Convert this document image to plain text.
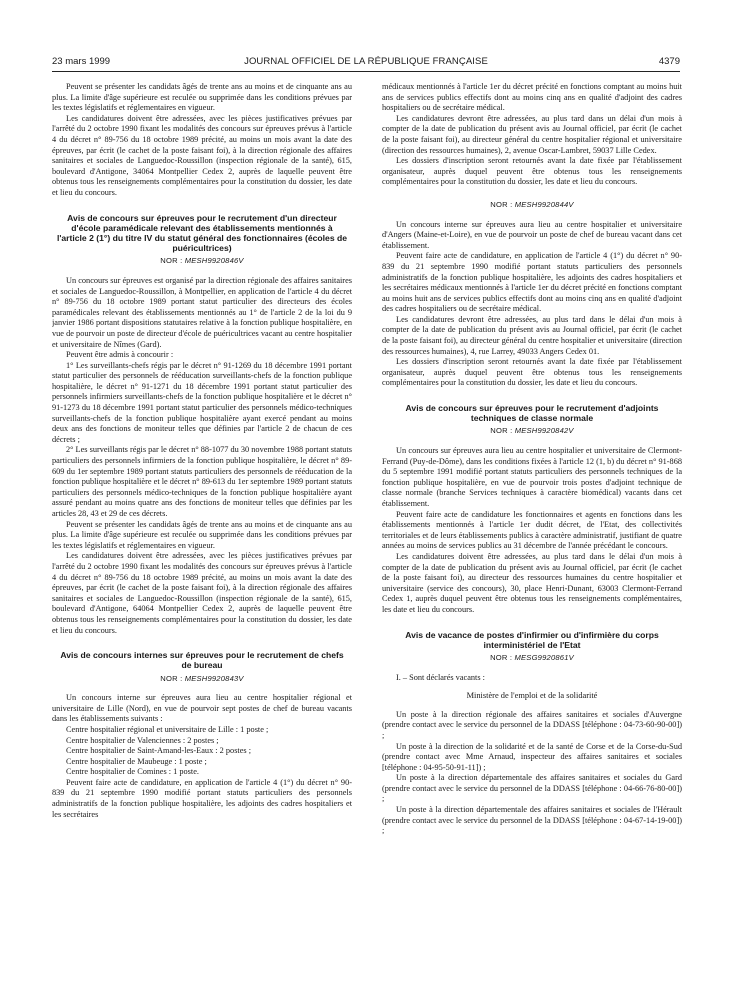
23 mars 1999	JOURNAL OFFICIEL DE LA RÉPUBLIQUE FRANÇAISE	4379

Peuvent se présenter les candidats âgés de trente ans au moins et de cinquante ans au plus. La limite d'âge supérieure est reculée ou supprimée dans les conditions prévues par les textes législatifs et réglementaires en vigueur.

Les candidatures doivent être adressées, avec les pièces justificatives prévues par l'arrêté du 2 octobre 1990 fixant les modalités des concours sur épreuves prévus à l'article 4 du décret n° 89-756 du 18 octobre 1989 précité, au moins un mois avant la date des épreuves, par écrit (le cachet de la poste faisant foi), à la direction régionale des affaires sanitaires et sociales de Languedoc-Roussillon (inspection régionale de la santé), 615, boulevard d'Antigone, 34064 Montpellier Cedex 2, auprès de laquelle peuvent être obtenus tous les renseignements complémentaires pour la constitution du dossier, les date et lieu du concours.

Avis de concours sur épreuves pour le recrutement d'un directeur d'école paramédicale relevant des établissements mentionnés à l'article 2 (1°) du titre IV du statut général des fonctionnaires (écoles de puéricultrices)
NOR : MESH9920846V

Un concours sur épreuves est organisé par la direction régionale des affaires sanitaires et sociales de Languedoc-Roussillon, à Montpellier, en application de l'article 4 du décret n° 89-756 du 18 octobre 1989 portant statut particulier des directeurs des écoles paramédicales relevant des établissements mentionnés au 1° de l'article 2 de la loi du 9 janvier 1986 portant dispositions statutaires relative à la fonction publique hospitalière, en vue de pourvoir un poste de directeur d'école de puéricultrices vacant au centre hospitalier et universitaire de Nîmes (Gard).

Peuvent être admis à concourir :

1° Les surveillants-chefs régis par le décret n° 91-1269 du 18 décembre 1991 portant statut particulier des personnels de rééducation surveillants-chefs de la fonction publique hospitalière, le décret n° 91-1271 du 18 décembre 1991 portant statut particulier des personnels infirmiers surveillants-chefs de la fonction publique hospitalière et le décret n° 91-1273 du 18 décembre 1991 portant statut particulier des personnels médico-techniques surveillants-chefs de la fonction publique hospitalière ayant exercé pendant au moins deux ans des fonctions de moniteur telles que définies par l'article 2 de chacun de ces décrets ;

2° Les surveillants régis par le décret n° 88-1077 du 30 novembre 1988 portant statuts particuliers des personnels infirmiers de la fonction publique hospitalière, le décret n° 89-609 du 1er septembre 1989 portant statuts particuliers des personnels de rééducation de la fonction publique hospitalière et le décret n° 89-613 du 1er septembre 1989 portant statuts particuliers des personnels médico-techniques de la fonction publique hospitalière ayant assuré pendant au moins quatre ans des fonctions de moniteur telles que définies par les articles 28, 43 et 29 de ces décrets.

Peuvent se présenter les candidats âgés de trente ans au moins et de cinquante ans au plus. La limite d'âge supérieure est reculée ou supprimée dans les conditions prévues par les textes législatifs et réglementaires en vigueur.

Les candidatures doivent être adressées, avec les pièces justificatives prévues par l'arrêté du 2 octobre 1990 fixant les modalités des concours sur épreuves prévus à l'article 4 du décret n° 89-756 du 18 octobre 1989 précité, au moins un mois avant la date des épreuves, par écrit (le cachet de la poste faisant foi), à la direction régionale des affaires sanitaires et sociales de Languedoc-Roussillon (inspection régionale de la santé), 615, boulevard d'Antigone, 64064 Montpellier Cedex 2, auprès de laquelle peuvent être obtenus tous les renseignements complémentaires pour la constitution du dossier, les date et lieu du concours.

Avis de concours internes sur épreuves pour le recrutement de chefs de bureau
NOR : MESH9920843V

Un concours interne sur épreuves aura lieu au centre hospitalier régional et universitaire de Lille (Nord), en vue de pourvoir sept postes de chef de bureau vacants dans les établissements suivants :

Centre hospitalier régional et universitaire de Lille : 1 poste ;

Centre hospitalier de Valenciennes : 2 postes ;

Centre hospitalier de Saint-Amand-les-Eaux : 2 postes ;

Centre hospitalier de Maubeuge : 1 poste ;

Centre hospitalier de Comines : 1 poste.

Peuvent faire acte de candidature, en application de l'article 4 (1°) du décret n° 90-839 du 21 septembre 1990 modifié portant statuts particuliers des personnels administratifs de la fonction publique hospitalière, les adjoints des cadres hospitaliers et les secrétaires

médicaux mentionnés à l'article 1er du décret précité en fonctions comptant au moins huit ans de services publics effectifs dont au moins cinq ans en qualité d'adjoint des cadres hospitaliers ou de secrétaire médical.

Les candidatures devront être adressées, au plus tard dans un délai d'un mois à compter de la date de publication du présent avis au Journal officiel, par écrit (le cachet de la poste faisant foi), au directeur général du centre hospitalier régional et universitaire (direction des ressources humaines), 2, avenue Oscar-Lambret, 59037 Lille Cedex.

Les dossiers d'inscription seront retournés avant la date fixée par l'établissement organisateur, auprès duquel peuvent être obtenus tous les renseignements complémentaires pour la constitution du dossier, les date et lieu du concours.

NOR : MESH9920844V

Un concours interne sur épreuves aura lieu au centre hospitalier et universitaire d'Angers (Maine-et-Loire), en vue de pourvoir un poste de chef de bureau vacant dans cet établissement.

Peuvent faire acte de candidature, en application de l'article 4 (1°) du décret n° 90-839 du 21 septembre 1990 modifié portant statuts particuliers des personnels administratifs de la fonction publique hospitalière, les adjoints des cadres hospitaliers et les secrétaires médicaux mentionnés à l'article 1er du décret précité en fonctions comptant au moins huit ans de services publics effectifs dont au moins cinq ans en qualité d'adjoint des cadres hospitaliers ou de secrétaire médical.

Les candidatures devront être adressées, au plus tard dans le délai d'un mois à compter de la date de publication du présent avis au Journal officiel, par écrit (le cachet de la poste faisant foi), au directeur général du centre hospitalier et universitaire (direction des ressources humaines), 4, rue Larrey, 49033 Angers Cedex 01.

Les dossiers d'inscription seront retournés avant la date fixée par l'établissement organisateur, auprès duquel peuvent être obtenus tous les renseignements complémentaires pour la constitution du dossier, les date et lieu du concours.

Avis de concours sur épreuves pour le recrutement d'adjoints techniques de classe normale
NOR : MESH9920842V

Un concours sur épreuves aura lieu au centre hospitalier et universitaire de Clermont-Ferrand (Puy-de-Dôme), dans les conditions fixées à l'article 12 (1, b) du décret n° 91-868 du 5 septembre 1991 modifié portant statuts particuliers des personnels techniques de la fonction publique hospitalière, en vue de pourvoir trois postes d'adjoint technique de classe normale (branche Services techniques à caractère biomédical) vacants dans cet établissement.

Peuvent faire acte de candidature les fonctionnaires et agents en fonctions dans les établissements mentionnés à l'article 1er dudit décret, de l'Etat, des collectivités territoriales et de leurs établissements publics à caractère administratif, justifiant de quatre années au moins de services publics au 31 décembre de l'année précédant le concours.

Les candidatures doivent être adressées, au plus tard dans le délai d'un mois à compter de la date de publication du présent avis au Journal officiel, par écrit (le cachet de la poste faisant foi), au directeur des ressources humaines du centre hospitalier et universitaire (service des concours), 30, place Henri-Dunant, 63003 Clermont-Ferrand Cedex 1, auprès duquel peuvent être obtenus tous les renseignements complémentaires, les date et lieu du concours.

Avis de vacance de postes d'infirmier ou d'infirmière du corps interministériel de l'Etat
NOR : MESG9920861V

I. – Sont déclarés vacants :

Ministère de l'emploi et de la solidarité

Un poste à la direction régionale des affaires sanitaires et sociales d'Auvergne (prendre contact avec le service du personnel de la DDASS [téléphone : 04-73-60-90-00]) ;

Un poste à la direction de la solidarité et de la santé de Corse et de la Corse-du-Sud (prendre contact avec Mme Arnaud, inspecteur des affaires sanitaires et sociales [téléphone : 04-95-50-91-11]) ;

Un poste à la direction départementale des affaires sanitaires et sociales du Gard (prendre contact avec le service du personnel de la DDASS [téléphone : 04-66-76-80-00]) ;

Un poste à la direction départementale des affaires sanitaires et sociales de l'Hérault (prendre contact avec le service du personnel de la DDASS [téléphone : 04-67-14-19-00]) ;
